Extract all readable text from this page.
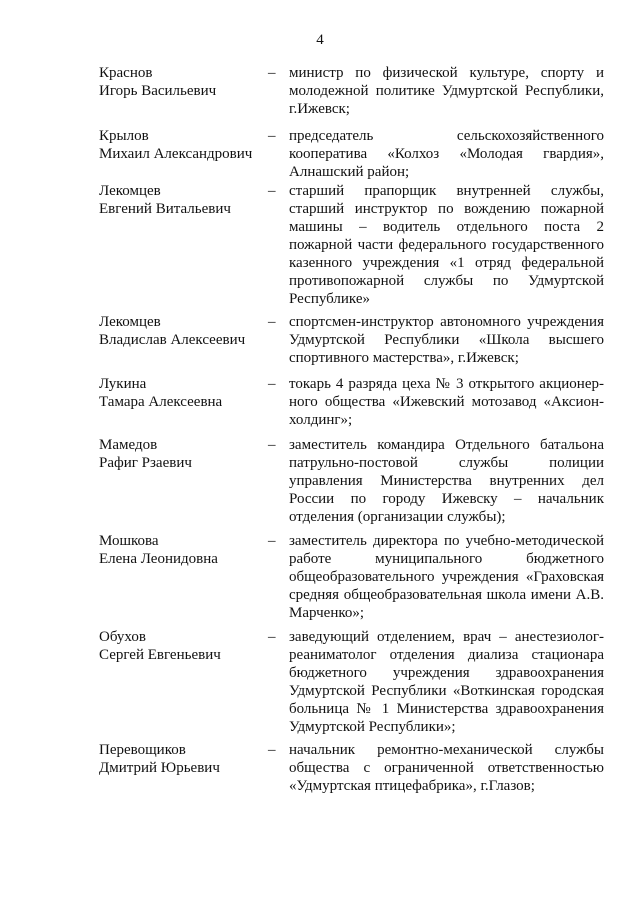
4
Краснов
Игорь Васильевич
– министр по физической культуре, спорту и молодежной политике Удмуртской Республики, г.Ижевск;
Крылов
Михаил Александрович
– председатель сельскохозяйственного кооператива «Колхоз «Молодая гвардия», Алнашский район;
Лекомцев
Евгений Витальевич
– старший прапорщик внутренней службы, старший инструктор по вождению пожарной машины – водитель отдельного поста 2 пожарной части федерального государственного казенного учреждения «1 отряд федеральной противопожарной службы по Удмуртской Республике»
Лекомцев
Владислав Алексеевич
– спортсмен-инструктор автономного учреждения Удмуртской Республики «Школа высшего спортивного мастерства», г.Ижевск;
Лукина
Тамара Алексеевна
– токарь 4 разряда цеха № 3 открытого акционерного общества «Ижевский мотозавод «Аксион-холдинг»;
Мамедов
Рафиг Рзаевич
– заместитель командира Отдельного батальона патрульно-постовой службы полиции управления Министерства внутренних дел России по городу Ижевску – начальник отделения (организации службы);
Мошкова
Елена Леонидовна
– заместитель директора по учебно-методической работе муниципального бюджетного общеобразовательного учреждения «Граховская средняя общеобразовательная школа имени А.В. Марченко»;
Обухов
Сергей Евгеньевич
– заведующий отделением, врач – анестезиолог-реаниматолог отделения диализа стационара бюджетного учреждения здравоохранения Удмуртской Республики «Воткинская городская больница № 1 Министерства здравоохранения Удмуртской Республики»;
Перевощиков
Дмитрий Юрьевич
– начальник ремонтно-механической службы общества с ограниченной ответственностью «Удмуртская птицефабрика», г.Глазов;
